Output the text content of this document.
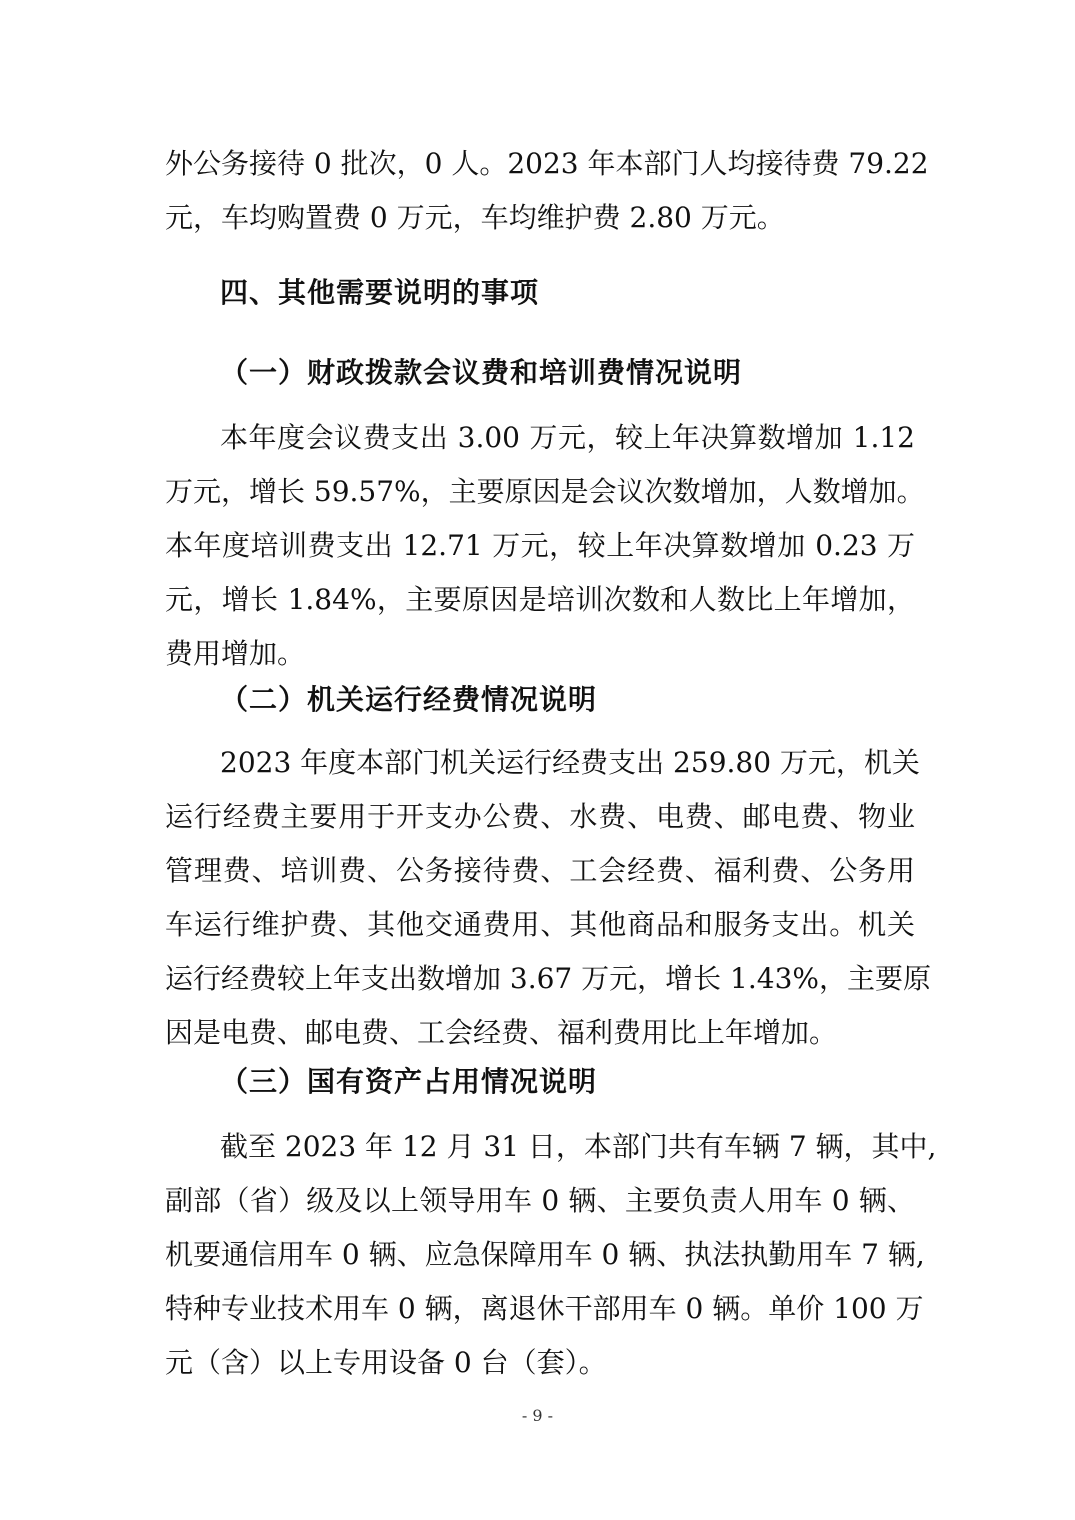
外公务接待 0 批次，0 人。2023 年本部门人均接待费 79.22
元，车均购置费 0 万元，车均维护费 2.80 万元。
四、其他需要说明的事项
（一）财政拨款会议费和培训费情况说明
本年度会议费支出 3.00 万元，较上年决算数增加 1.12
万元，增长 59.57%，主要原因是会议次数增加，人数增加。
本年度培训费支出 12.71 万元，较上年决算数增加 0.23 万
元，增长 1.84%，主要原因是培训次数和人数比上年增加，
费用增加。
（二）机关运行经费情况说明
2023 年度本部门机关运行经费支出 259.80 万元，机关
运行经费主要用于开支办公费、水费、电费、邮电费、物业
管理费、培训费、公务接待费、工会经费、福利费、公务用
车运行维护费、其他交通费用、其他商品和服务支出。机关
运行经费较上年支出数增加 3.67 万元，增长 1.43%，主要原
因是电费、邮电费、工会经费、福利费用比上年增加。
（三）国有资产占用情况说明
截至 2023 年 12 月 31 日，本部门共有车辆 7 辆，其中,
副部（省）级及以上领导用车 0 辆、主要负责人用车 0 辆、
机要通信用车 0 辆、应急保障用车 0 辆、执法执勤用车 7 辆,
特种专业技术用车 0 辆，离退休干部用车 0 辆。单价 100 万
元（含）以上专用设备 0 台（套）。
- 9 -
